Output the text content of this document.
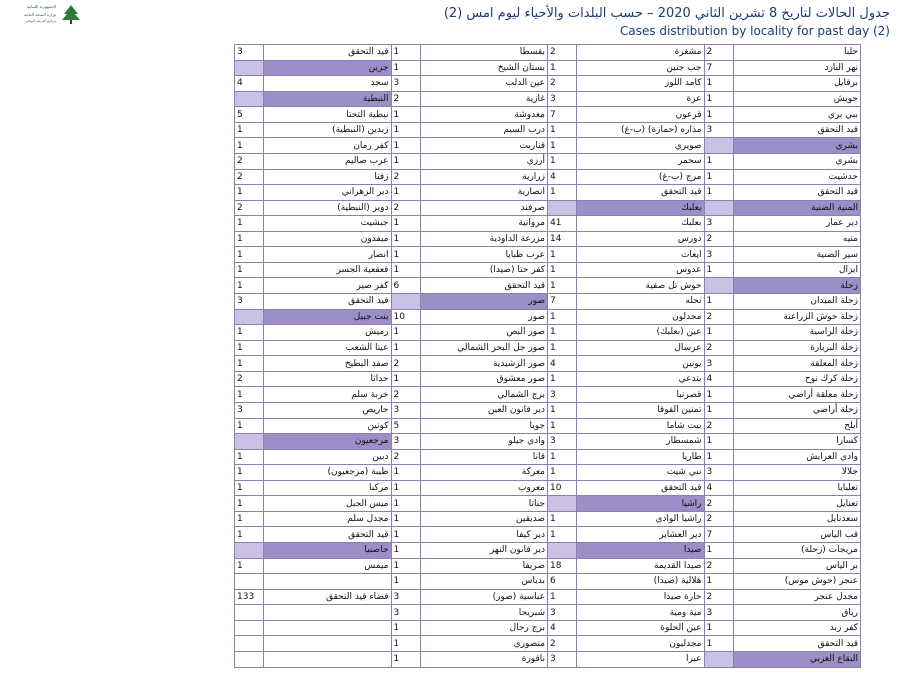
الجمهورية اللبنانية
وزارة الصحة العامة
برنامج الترصد الوبائي	جدول الحالات لتاريخ 8 تشرين الثاني 2020 – حسب البلدات والأحياء ليوم امس (2)
Cases distribution by locality for past day (2)
3	قيد التحقق	1	بقسطا	2	مشغرة	2	حلبا
	جزين	1	بستان الشيخ	1	جب جنين	7	نهر البارد
4	سجد	3	عين الدلب	2	كامد اللوز	1	برقايل
	النبطية	2	غازية	3	عزة	1	حويش
5	نبطية التحتا	1	مغدوشة	7	قرعون	1	ببي بري
1	زبدين (النبطية)	1	درب السيم	1	مذاره (حمازة) (ب-غ)	3	قيد التحقق
1	كفر رمان	1	قناريت	1	صويري		بشري
2	عرب صاليم	1	أرزي	1	سحمر	1	بشري
2	زفتا	2	زرارية	4	مرج (ب-غ)	1	حدشيت
1	دير الزهراني	1	انصارية	1	قيد التحقق	1	قيد التحقق
2	دوير (النبطية)	2	صرفند		بعلبك		المنية الضنية
1	جبشيت	1	مروانية	41	بعلبك	3	دير عمار
1	ميفدون	1	مزرعة الداودية	14	دورس	2	منيه
1	انصار	1	عرب طبايا	1	ايعات	3	سير الضنية
1	قعقعية الجسر	1	كفر حتا (صيدا)	1	عدوس	1	ايزال
1	كفر صير	6	قيد التحقق	1	حوش تل صفية		زحلة
3	قيد التحقق		صور	7	نحله	1	زحلة الميدان
	بنت جبيل	10	صور	1	مجدلون	2	زحلة حوش الزراعنة
1	رميش	1	صور البص	1	عين (بعلبك)	1	زحلة الراسية
1	عيتا الشعب	1	صور جل البحر الشمالي	1	عرسال	2	زحلة البربارة
1	صفد البطيخ	2	صور الرشيدية	4	يونين	3	زحلة المعلقة
2	حداثا	1	صور معشوق	1	بتدعي	4	زحلة كرك نوح
1	خربة سلم	2	برج الشمالي	3	قصرنبا	1	زحلة معلقة أراضي
3	حاريص	3	دير قانون العين	1	تمنين الفوقا	1	زحلة أراضي
1	كونين	5	جويا	1	بيت شاما	2	أبلح
	مرجعيون	3	وادي جيلو	3	شمسطار	1	كسارا
1	دبين	2	قانا	1	طاريا	1	وادي العرايش
1	طيبة (مرجعيون)	1	معركة	1	نبي شيت	3	جلالا
1	مركبا	1	معروب	10	قيد التحقق	4	تعلبايا
1	ميس الجبل	1	جناتا		راشيا	2	تعنايل
1	مجدل سلم	1	صديقين	1	راشيا الوادي	2	سعدنايل
1	قيد التحقق	1	دير كيفا	1	دير العشاير	7	قب الياس
	حاصبيا	1	دير قانون النهر		صيدا	1	مريجات (زحلة)
1	ميمس	1	صريفا	18	صيدا القديمة	2	بر الياس
		1	بدياس	6	هلالية (صيدا)	1	عنجر (حوش موس)
133	قضاء قيد التحقق	3	عباسية (صور)	1	حارة صيدا	2	مجدل عنجر
		3	شبريحا	3	مية ومية	3	رياق
		1	برج رحال	4	عين الحلوة	1	كفر زبد
		1	منصوري	2	مجدليون	1	قيد التحقق
		1	ناقورة	3	عبرا		البقاع الغربي
